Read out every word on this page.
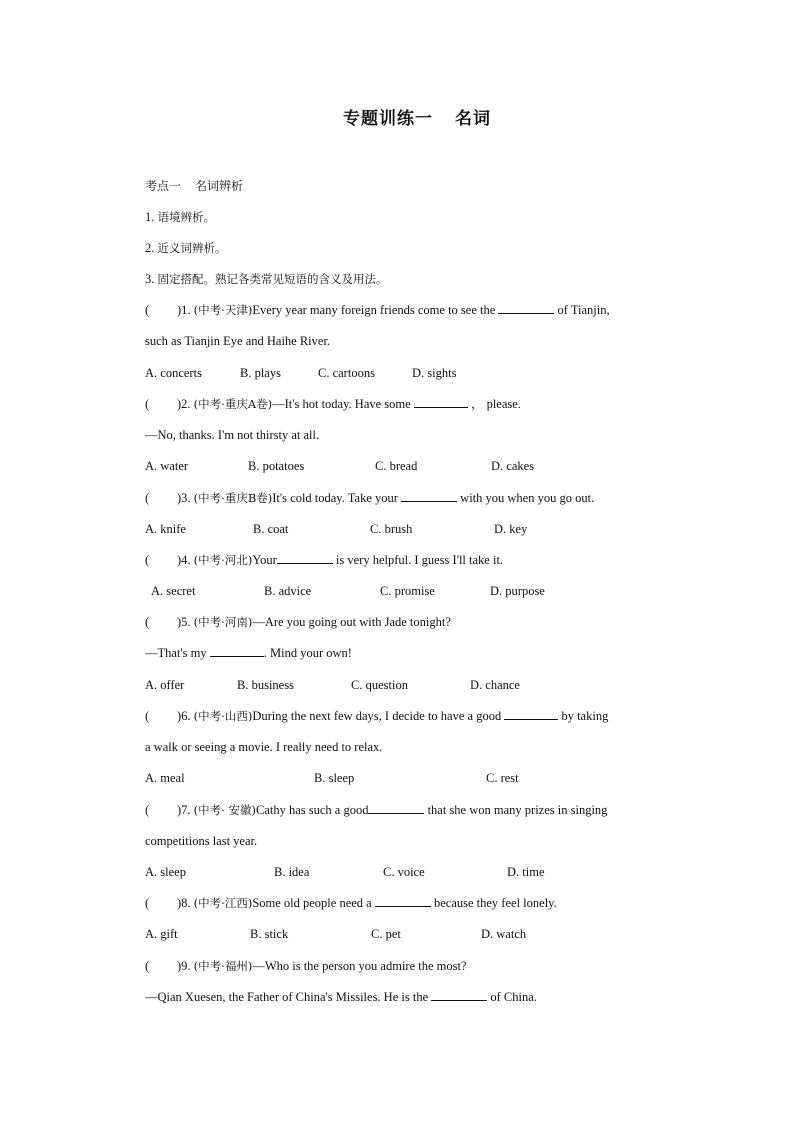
专题训练一 名词
考点一 名词辨析
1. 语境辨析。
2. 近义词辨析。
3. 固定搭配。熟记各类常见短语的含义及用法。
( )1. (中考·天津)Every year many foreign friends come to see the	of Tianjin,
such as Tianjin Eye and Haihe River.
A. concerts	B. plays	C. cartoons	D. sights
( )2. (中考·重庆A卷)—It's hot today. Have some	， please.
—No, thanks. I'm not thirsty at all.
A. water	B. potatoes	C. bread	D. cakes
( )3. (中考·重庆B卷)It's cold today. Take your	with you when you go out.
A. knife	B. coat	C. brush	D. key
( )4. (中考·河北)Your	is very helpful. I guess I'll take it.
A. secret	B. advice	C. promise	D. purpose
( )5. (中考·河南)—Are you going out with Jade tonight?
—That's my	. Mind your own!
A. offer	B. business	C. question	D. chance
( )6. (中考·山西)During the next few days, I decide to have a good	by taking
a walk or seeing a movie. I really need to relax.
A. meal	B. sleep	C. rest
( )7. (中考· 安徽)Cathy has such a good	that she won many prizes in singing
competitions last year.
A. sleep	B. idea	C. voice	D. time
( )8. (中考·江西)Some old people need a	because they feel lonely.
A. gift	B. stick	C. pet	D. watch
( )9. (中考·福州)—Who is the person you admire the most?
—Qian Xuesen, the Father of China's Missiles. He is the	of China.
